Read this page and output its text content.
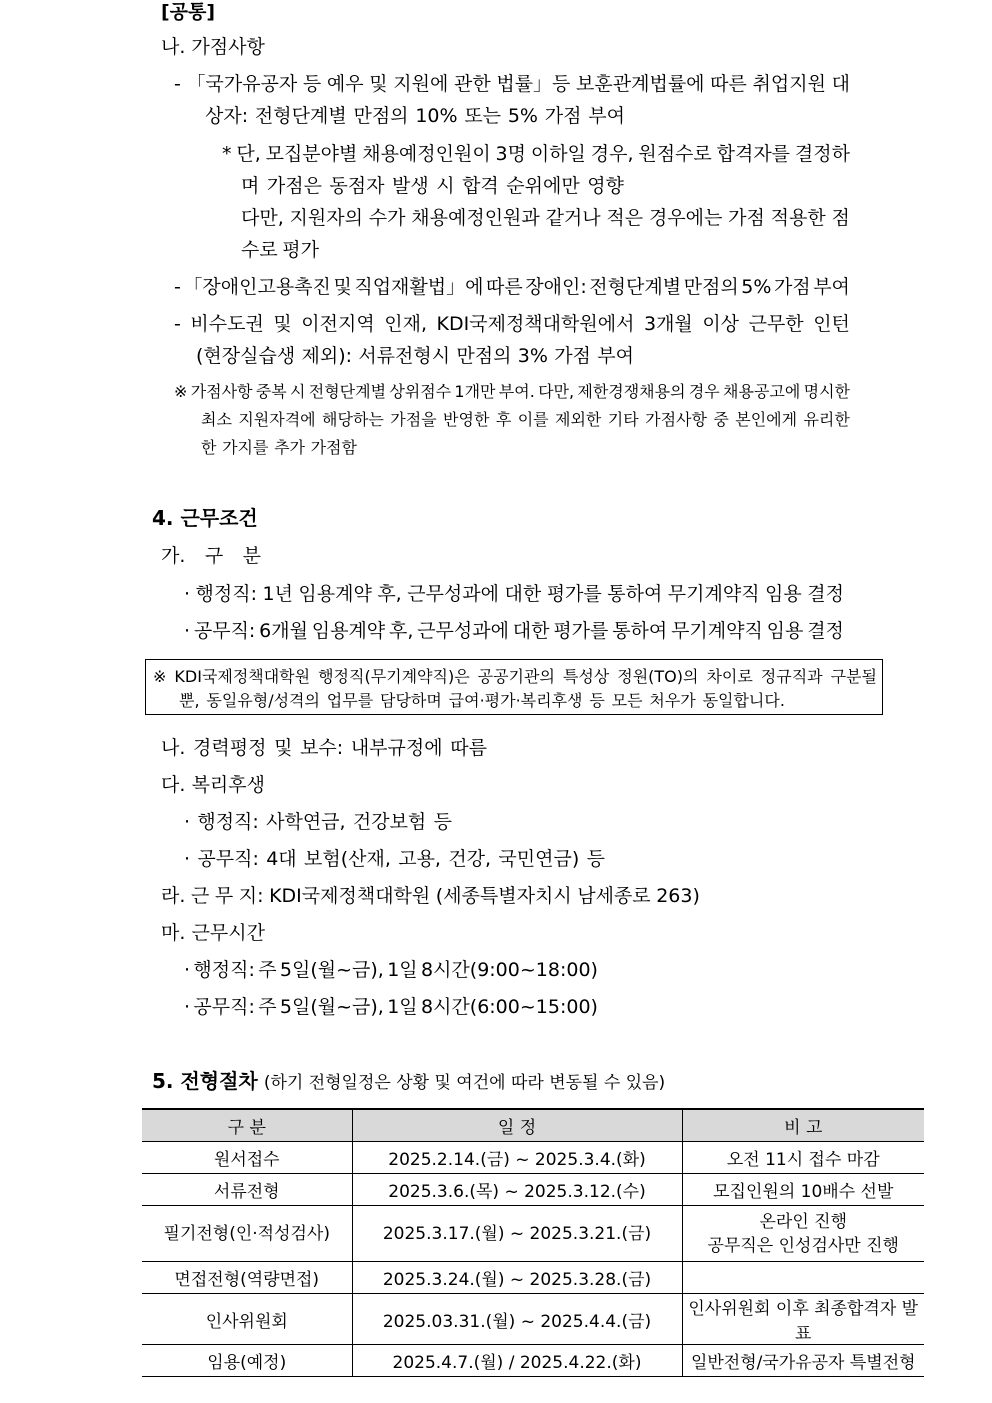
[공통]
나. 가점사항
- 「국가유공자 등 예우 및 지원에 관한 법률」등 보훈관계법률에 따른 취업지원 대
상자: 전형단계별 만점의 10% 또는 5% 가점 부여
* 단, 모집분야별 채용예정인원이 3명 이하일 경우, 원점수로 합격자를 결정하
며 가점은 동점자 발생 시 합격 순위에만 영향
다만, 지원자의 수가 채용예정인원과 같거나 적은 경우에는 가점 적용한 점
수로 평가
- 「장애인고용촉진 및 직업재활법」에 따른 장애인: 전형단계별 만점의 5% 가점 부여
- 비수도권 및 이전지역 인재, KDI국제정책대학원에서 3개월 이상 근무한 인턴
(현장실습생 제외): 서류전형시 만점의 3% 가점 부여
※ 가점사항 중복 시 전형단계별 상위점수 1개만 부여. 다만, 제한경쟁채용의 경우 채용공고에 명시한
최소 지원자격에 해당하는 가점을 반영한 후 이를 제외한 기타 가점사항 중 본인에게 유리한
한 가지를 추가 가점함
4. 근무조건
가. 구 분
· 행정직: 1년 임용계약 후, 근무성과에 대한 평가를 통하여 무기계약직 임용 결정
· 공무직: 6개월 임용계약 후, 근무성과에 대한 평가를 통하여 무기계약직 임용 결정
※ KDI국제정책대학원 행정직(무기계약직)은 공공기관의 특성상 정원(TO)의 차이로 정규직과 구분될
뿐, 동일유형/성격의 업무를 담당하며 급여·평가·복리후생 등 모든 처우가 동일합니다.
나. 경력평정 및 보수: 내부규정에 따름
다. 복리후생
· 행정직: 사학연금, 건강보험 등
· 공무직: 4대 보험(산재, 고용, 건강, 국민연금) 등
라. 근 무 지: KDI국제정책대학원 (세종특별자치시 남세종로 263)
마. 근무시간
· 행정직: 주 5일(월~금), 1일 8시간(9:00~18:00)
· 공무직: 주 5일(월~금), 1일 8시간(6:00~15:00)
5. 전형절차 (하기 전형일정은 상황 및 여건에 따라 변동될 수 있음)
구 분	일 정	비 고
원서접수	2025.2.14.(금) ~ 2025.3.4.(화)	오전 11시 접수 마감
서류전형	2025.3.6.(목) ~ 2025.3.12.(수)	모집인원의 10배수 선발
필기전형(인·적성검사)	2025.3.17.(월) ~ 2025.3.21.(금)	온라인 진행
공무직은 인성검사만 진행

면접전형(역량면접)	2025.3.24.(월) ~ 2025.3.28.(금)	
인사위원회	2025.03.31.(월) ~ 2025.4.4.(금)	인사위원회 이후 최종합격자 발표
임용(예정)	2025.4.7.(월) / 2025.4.22.(화)	일반전형/국가유공자 특별전형
